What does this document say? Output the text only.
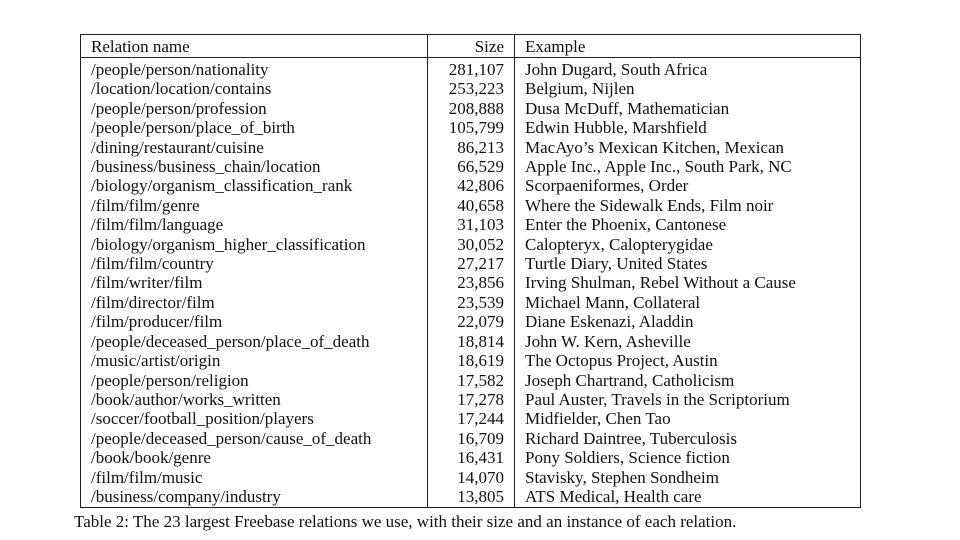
Relation name	Size	Example
/people/person/nationality	281,107	John Dugard, South Africa
/location/location/contains	253,223	Belgium, Nijlen
/people/person/profession	208,888	Dusa McDuff, Mathematician
/people/person/place_of_birth	105,799	Edwin Hubble, Marshfield
/dining/restaurant/cuisine	86,213	MacAyo’s Mexican Kitchen, Mexican
/business/business_chain/location	66,529	Apple Inc., Apple Inc., South Park, NC
/biology/organism_classification_rank	42,806	Scorpaeniformes, Order
/film/film/genre	40,658	Where the Sidewalk Ends, Film noir
/film/film/language	31,103	Enter the Phoenix, Cantonese
/biology/organism_higher_classification	30,052	Calopteryx, Calopterygidae
/film/film/country	27,217	Turtle Diary, United States
/film/writer/film	23,856	Irving Shulman, Rebel Without a Cause
/film/director/film	23,539	Michael Mann, Collateral
/film/producer/film	22,079	Diane Eskenazi, Aladdin
/people/deceased_person/place_of_death	18,814	John W. Kern, Asheville
/music/artist/origin	18,619	The Octopus Project, Austin
/people/person/religion	17,582	Joseph Chartrand, Catholicism
/book/author/works_written	17,278	Paul Auster, Travels in the Scriptorium
/soccer/football_position/players	17,244	Midfielder, Chen Tao
/people/deceased_person/cause_of_death	16,709	Richard Daintree, Tuberculosis
/book/book/genre	16,431	Pony Soldiers, Science fiction
/film/film/music	14,070	Stavisky, Stephen Sondheim
/business/company/industry	13,805	ATS Medical, Health care
Table 2: The 23 largest Freebase relations we use, with their size and an instance of each relation.
